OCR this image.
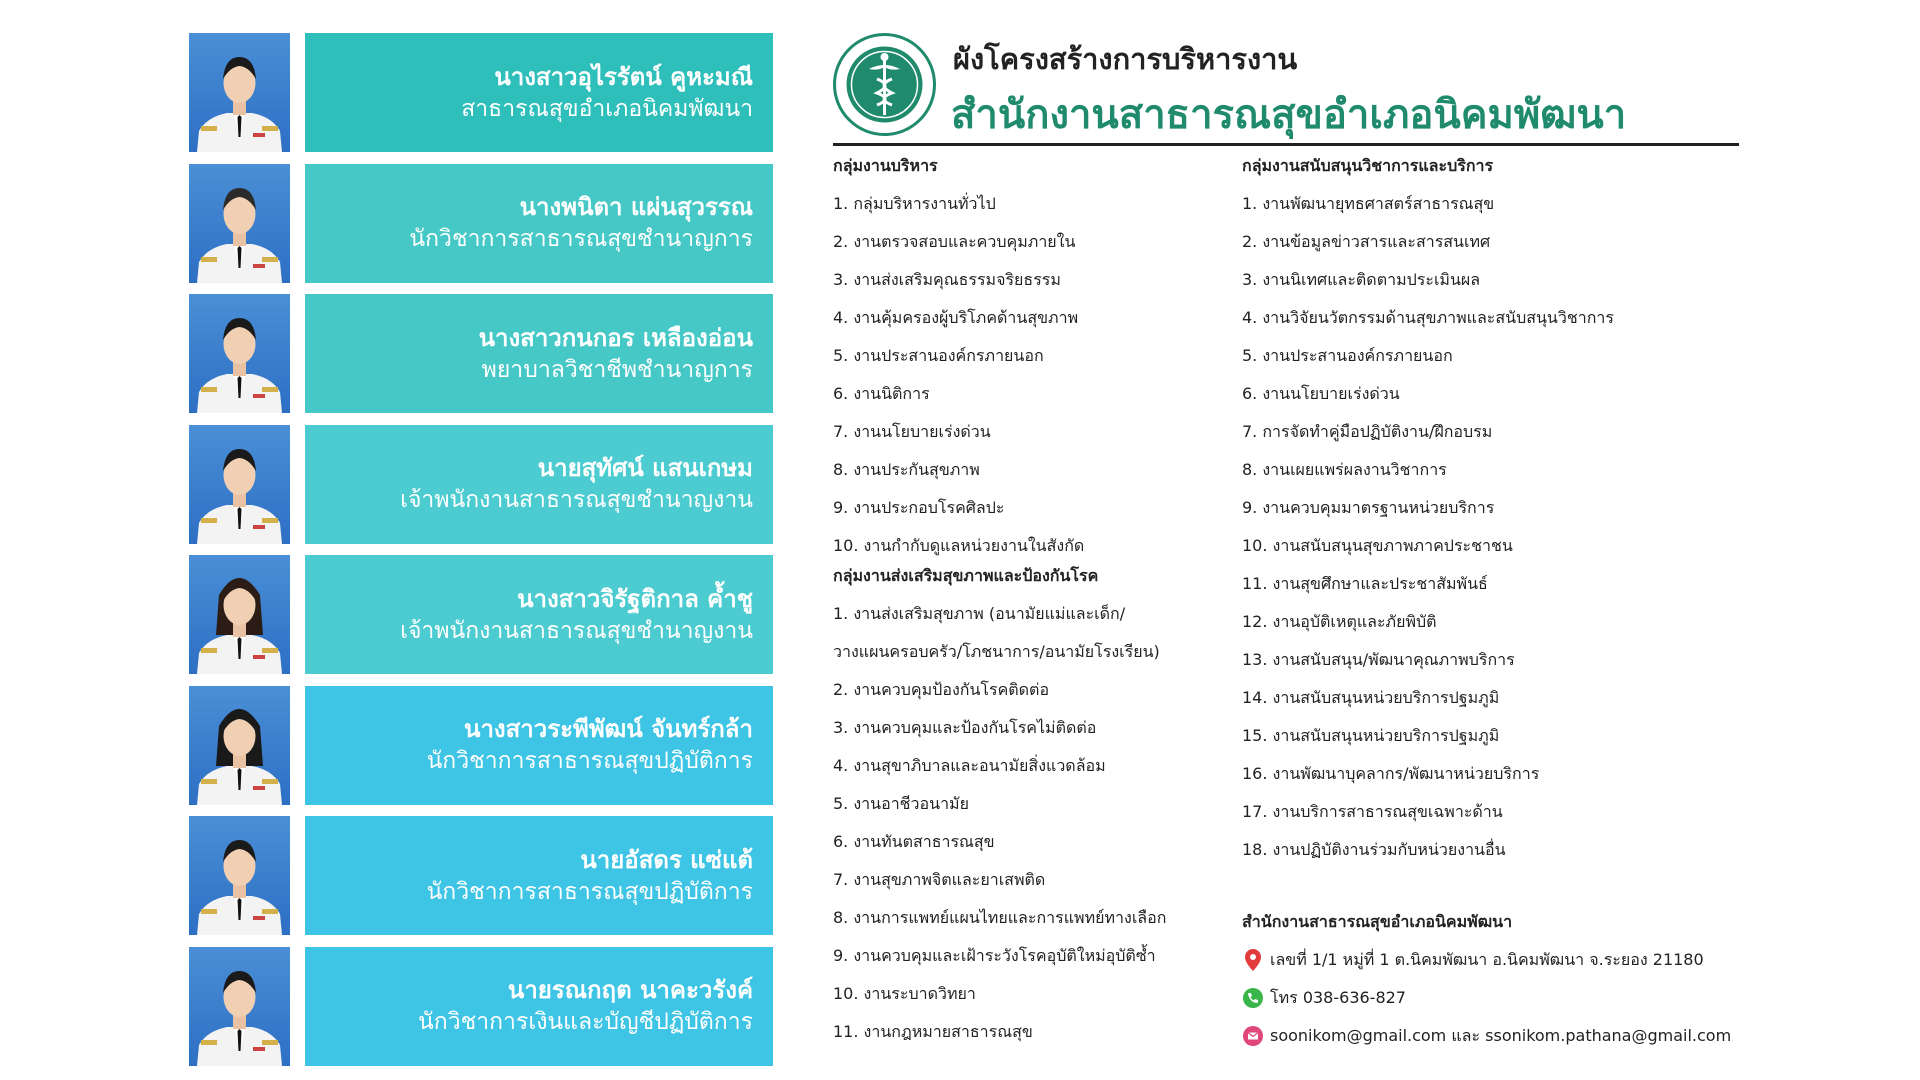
นางสาวอุไรรัตน์ คูหะมณี
สาธารณสุขอำเภอนิคมพัฒนา
นางพนิตา แผ่นสุวรรณ
นักวิชาการสาธารณสุขชำนาญการ
นางสาวกนกอร เหลืองอ่อน
พยาบาลวิชาชีพชำนาญการ
นายสุทัศน์ แสนเกษม
เจ้าพนักงานสาธารณสุขชำนาญงาน
นางสาวจิรัฐติกาล ค้ำชู
เจ้าพนักงานสาธารณสุขชำนาญงาน
นางสาวระพีพัฒน์ จันทร์กล้า
นักวิชาการสาธารณสุขปฏิบัติการ
นายอัสดร แซ่แต้
นักวิชาการสาธารณสุขปฏิบัติการ
นายรณกฤต นาคะวรังค์
นักวิชาการเงินและบัญชีปฏิบัติการ
ผังโครงสร้างการบริหารงาน
สำนักงานสาธารณสุขอำเภอนิคมพัฒนา
กลุ่มงานบริหาร
1. กลุ่มบริหารงานทั่วไป
2. งานตรวจสอบและควบคุมภายใน
3. งานส่งเสริมคุณธรรมจริยธรรม
4. งานคุ้มครองผู้บริโภคด้านสุขภาพ
5. งานประสานองค์กรภายนอก
6. งานนิติการ
7. งานนโยบายเร่งด่วน
8. งานประกันสุขภาพ
9. งานประกอบโรคศิลปะ
10. งานกำกับดูแลหน่วยงานในสังกัด
กลุ่มงานส่งเสริมสุขภาพและป้องกันโรค
1. งานส่งเสริมสุขภาพ (อนามัยแม่และเด็ก/
วางแผนครอบครัว/โภชนาการ/อนามัยโรงเรียน)
2. งานควบคุมป้องกันโรคติดต่อ
3. งานควบคุมและป้องกันโรคไม่ติดต่อ
4. งานสุขาภิบาลและอนามัยสิ่งแวดล้อม
5. งานอาชีวอนามัย
6. งานทันตสาธารณสุข
7. งานสุขภาพจิตและยาเสพติด
8. งานการแพทย์แผนไทยและการแพทย์ทางเลือก
9. งานควบคุมและเฝ้าระวังโรคอุบัติใหม่อุบัติซ้ำ
10. งานระบาดวิทยา
11. งานกฎหมายสาธารณสุข
กลุ่มงานสนับสนุนวิชาการและบริการ
1. งานพัฒนายุทธศาสตร์สาธารณสุข
2. งานข้อมูลข่าวสารและสารสนเทศ
3. งานนิเทศและติดตามประเมินผล
4. งานวิจัยนวัตกรรมด้านสุขภาพและสนับสนุนวิชาการ
5. งานประสานองค์กรภายนอก
6. งานนโยบายเร่งด่วน
7. การจัดทำคู่มือปฏิบัติงาน/ฝึกอบรม
8. งานเผยแพร่ผลงานวิชาการ
9. งานควบคุมมาตรฐานหน่วยบริการ
10. งานสนับสนุนสุขภาพภาคประชาชน
11. งานสุขศึกษาและประชาสัมพันธ์
12. งานอุบัติเหตุและภัยพิบัติ
13. งานสนับสนุน/พัฒนาคุณภาพบริการ
14. งานสนับสนุนหน่วยบริการปฐมภูมิ
15. งานสนับสนุนหน่วยบริการปฐมภูมิ
16. งานพัฒนาบุคลากร/พัฒนาหน่วยบริการ
17. งานบริการสาธารณสุขเฉพาะด้าน
18. งานปฏิบัติงานร่วมกับหน่วยงานอื่น
สำนักงานสาธารณสุขอำเภอนิคมพัฒนา
เลขที่ 1/1 หมู่ที่ 1 ต.นิคมพัฒนา อ.นิคมพัฒนา จ.ระยอง 21180
โทร 038-636-827
soonikom@gmail.com และ ssonikom.pathana@gmail.com
